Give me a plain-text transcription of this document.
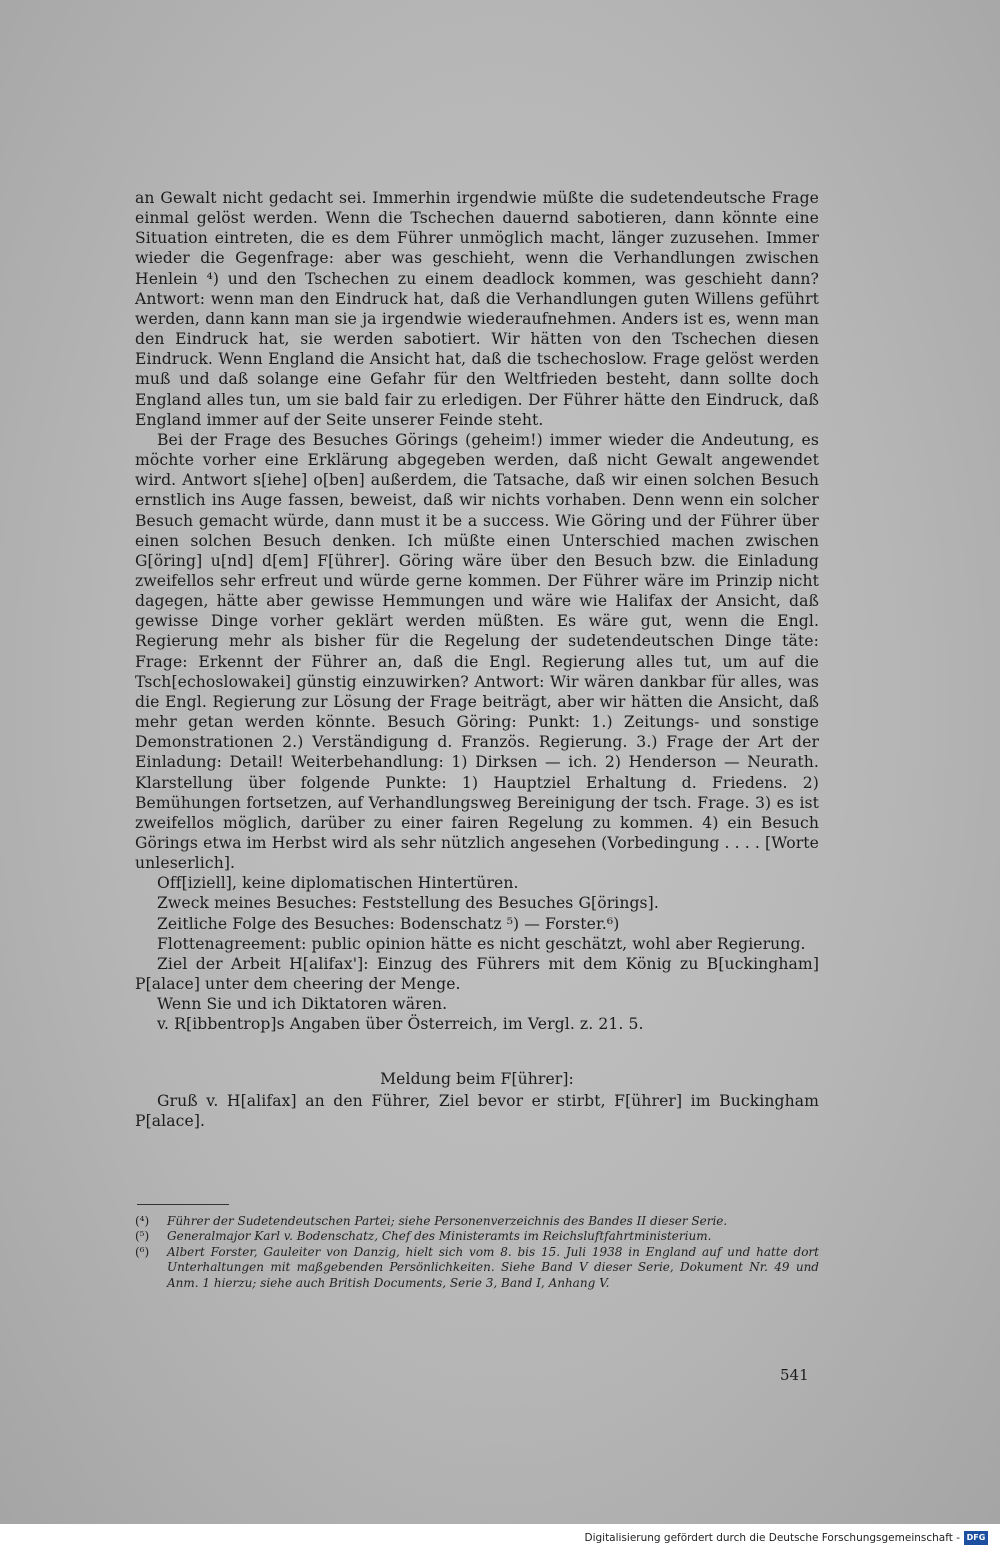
an Gewalt nicht gedacht sei. Immerhin irgendwie müßte die sudetendeutsche Frage einmal gelöst werden. Wenn die Tschechen dauernd sabotieren, dann könnte eine Situation eintreten, die es dem Führer unmöglich macht, länger zuzusehen. Immer wieder die Gegenfrage: aber was geschieht, wenn die Verhandlungen zwischen Henlein ⁴) und den Tschechen zu einem deadlock kommen, was geschieht dann? Antwort: wenn man den Eindruck hat, daß die Verhandlungen guten Willens geführt werden, dann kann man sie ja irgendwie wiederaufnehmen. Anders ist es, wenn man den Eindruck hat, sie werden sabotiert. Wir hätten von den Tschechen diesen Eindruck. Wenn England die Ansicht hat, daß die tschechoslow. Frage gelöst werden muß und daß solange eine Gefahr für den Weltfrieden besteht, dann sollte doch England alles tun, um sie bald fair zu erledigen. Der Führer hätte den Eindruck, daß England immer auf der Seite unserer Feinde steht.

Bei der Frage des Besuches Görings (geheim!) immer wieder die Andeutung, es möchte vorher eine Erklärung abgegeben werden, daß nicht Gewalt angewendet wird. Antwort s[iehe] o[ben] außerdem, die Tatsache, daß wir einen solchen Besuch ernstlich ins Auge fassen, beweist, daß wir nichts vorhaben. Denn wenn ein solcher Besuch gemacht würde, dann must it be a success. Wie Göring und der Führer über einen solchen Besuch denken. Ich müßte einen Unterschied machen zwischen G[öring] u[nd] d[em] F[ührer]. Göring wäre über den Besuch bzw. die Einladung zweifellos sehr erfreut und würde gerne kommen. Der Führer wäre im Prinzip nicht dagegen, hätte aber gewisse Hemmungen und wäre wie Halifax der Ansicht, daß gewisse Dinge vorher geklärt werden müßten. Es wäre gut, wenn die Engl. Regierung mehr als bisher für die Regelung der sudetendeutschen Dinge täte: Frage: Erkennt der Führer an, daß die Engl. Regierung alles tut, um auf die Tsch[echoslowakei] günstig einzuwirken? Antwort: Wir wären dankbar für alles, was die Engl. Regierung zur Lösung der Frage beiträgt, aber wir hätten die Ansicht, daß mehr getan werden könnte. Besuch Göring: Punkt: 1.) Zeitungs- und sonstige Demonstrationen 2.) Verständigung d. Französ. Regierung. 3.) Frage der Art der Einladung: Detail! Weiterbehandlung: 1) Dirksen — ich. 2) Henderson — Neurath. Klarstellung über folgende Punkte: 1) Hauptziel Erhaltung d. Friedens. 2) Bemühungen fortsetzen, auf Verhandlungsweg Bereinigung der tsch. Frage. 3) es ist zweifellos möglich, darüber zu einer fairen Regelung zu kommen. 4) ein Besuch Görings etwa im Herbst wird als sehr nützlich angesehen (Vorbedingung . . . . [Worte unleserlich].

Off[iziell], keine diplomatischen Hintertüren.

Zweck meines Besuches: Feststellung des Besuches G[örings].

Zeitliche Folge des Besuches: Bodenschatz ⁵) — Forster.⁶)

Flottenagreement: public opinion hätte es nicht geschätzt, wohl aber Regierung.

Ziel der Arbeit H[alifax']: Einzug des Führers mit dem König zu B[uckingham] P[alace] unter dem cheering der Menge.

Wenn Sie und ich Diktatoren wären.

v. R[ibbentrop]s Angaben über Österreich, im Vergl. z. 21. 5.

Meldung beim F[ührer]:

Gruß v. H[alifax] an den Führer, Ziel bevor er stirbt, F[ührer] im Buckingham P[alace].

(⁴)	Führer der Sudetendeutschen Partei; siehe Personenverzeichnis des Bandes II dieser Serie.
(⁵)	Generalmajor Karl v. Bodenschatz, Chef des Ministeramts im Reichsluftfahrtministerium.
(⁶)	Albert Forster, Gauleiter von Danzig, hielt sich vom 8. bis 15. Juli 1938 in England auf und hatte dort Unterhaltungen mit maßgebenden Persönlichkeiten. Siehe Band V dieser Serie, Dokument Nr. 49 und Anm. 1 hierzu; siehe auch British Documents, Serie 3, Band I, Anhang V.
541
Digitalisierung gefördert durch die Deutsche Forschungsgemeinschaft - DFG
